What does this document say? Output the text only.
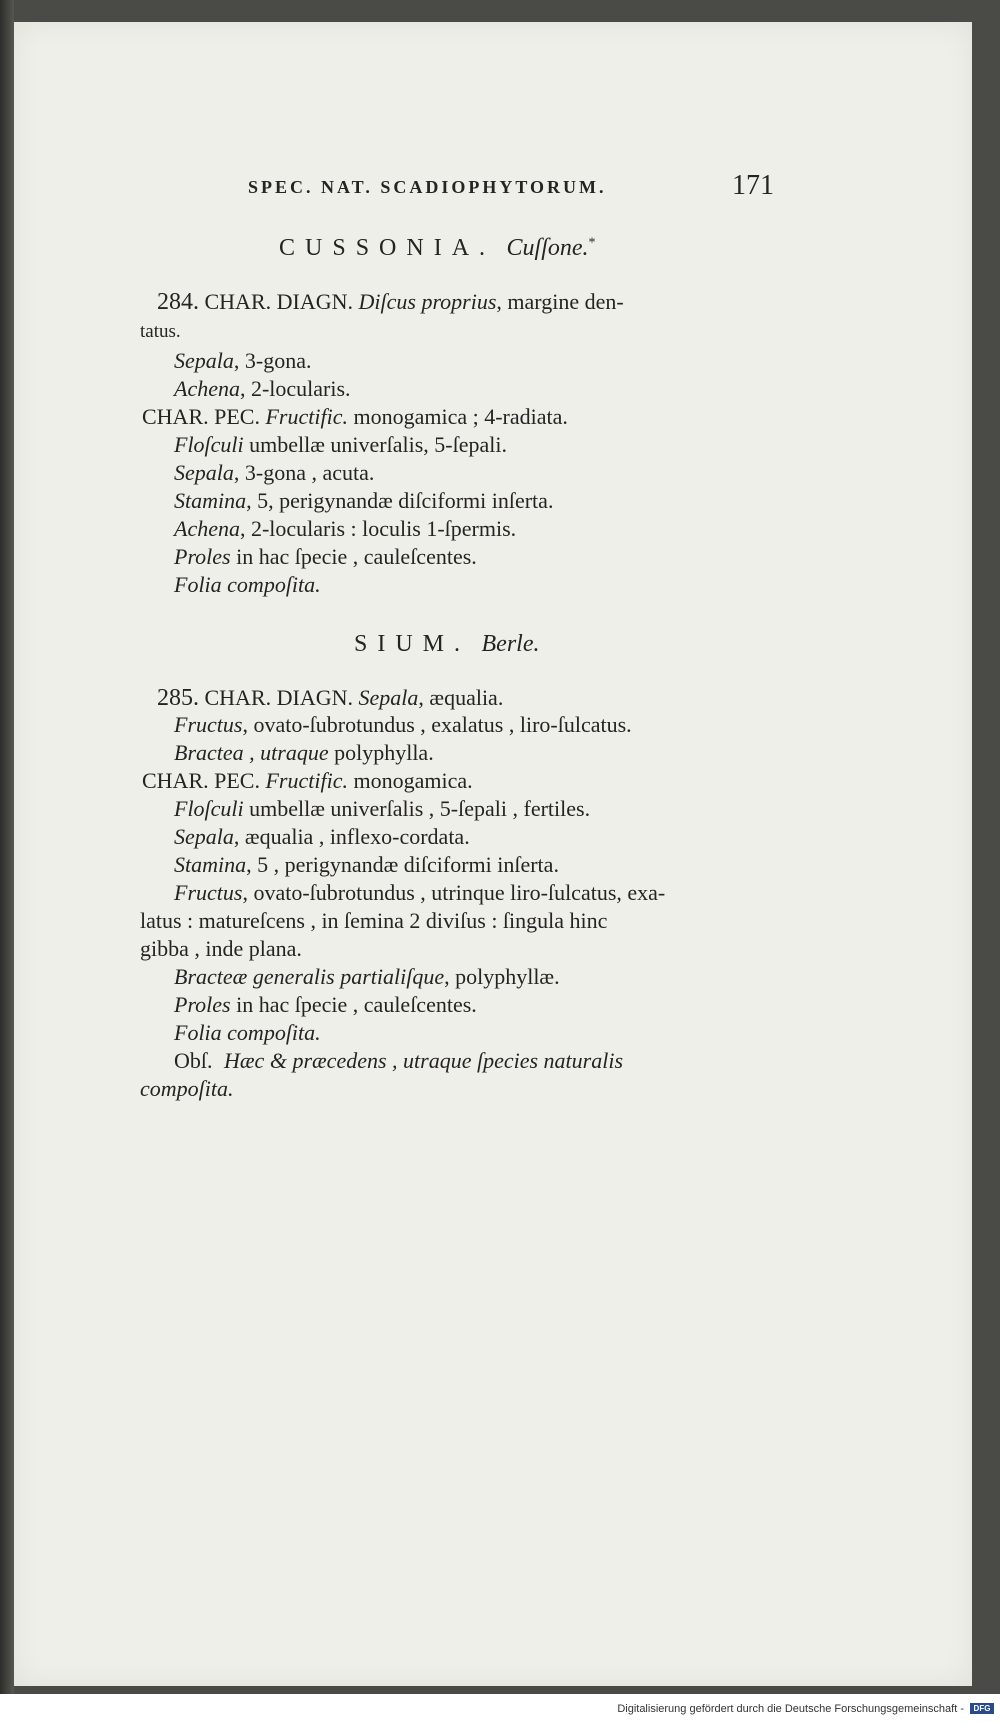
SPEC. NAT. SCADIOPHYTORUM.	171
CUSSONIA. Cuſſone.*
284. CHAR. DIAGN. Diſcus proprius, margine den-
tatus.
Sepala, 3-gona.
Achena, 2-locularis.
CHAR. PEC. Fructific. monogamica ; 4-radiata.
Floſculi umbellæ univerſalis, 5-ſepali.
Sepala, 3-gona , acuta.
Stamina, 5, perigynandæ diſciformi inſerta.
Achena, 2-locularis : loculis 1-ſpermis.
Proles in hac ſpecie , cauleſcentes.
Folia compoſita.
SIUM. Berle.
285. CHAR. DIAGN. Sepala, æqualia.
Fructus, ovato-ſubrotundus , exalatus , liro-ſulcatus.
Bractea , utraque polyphylla.
CHAR. PEC. Fructific. monogamica.
Floſculi umbellæ univerſalis , 5-ſepali , fertiles.
Sepala, æqualia , inflexo-cordata.
Stamina, 5 , perigynandæ diſciformi inſerta.
Fructus, ovato-ſubrotundus , utrinque liro-ſulcatus, exa-
latus : matureſcens , in ſemina 2 diviſus : ſingula hinc
gibba , inde plana.
Bracteæ generalis partialiſque, polyphyllæ.
Proles in hac ſpecie , cauleſcentes.
Folia compoſita.
Obſ. Hæc & præcedens , utraque ſpecies naturalis
compoſita.
Digitalisierung gefördert durch die Deutsche Forschungsgemeinschaft -	DFG
